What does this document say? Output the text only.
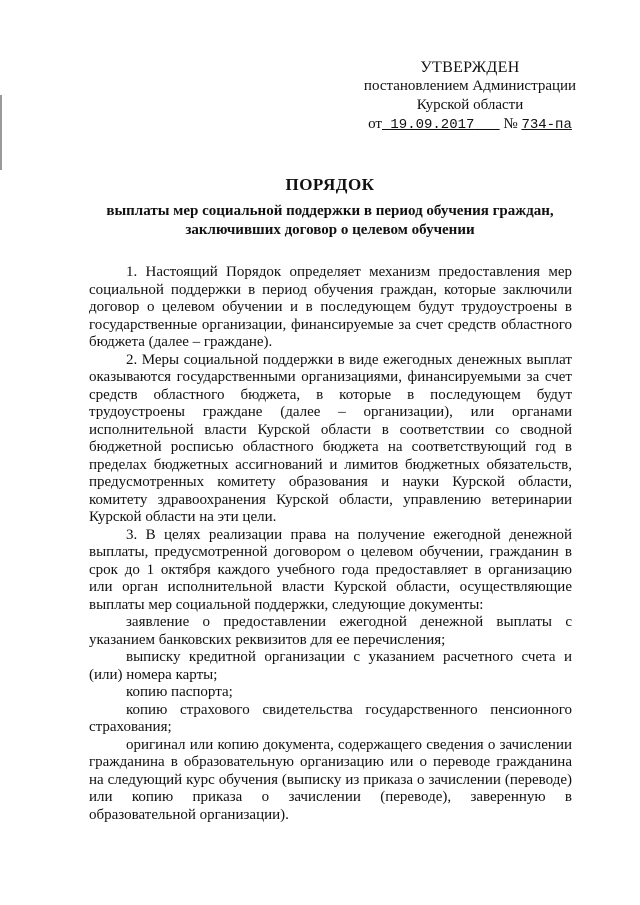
УТВЕРЖДЕН
постановлением Администрации
Курской области
от 19.09.2017 № 734-па
ПОРЯДОК
выплаты мер социальной поддержки в период обучения граждан, заключивших договор о целевом обучении

1. Настоящий Порядок определяет механизм предоставления мер социальной поддержки в период обучения граждан, которые заключили договор о целевом обучении и в последующем будут трудоустроены в государственные организации, финансируемые за счет средств областного бюджета (далее – граждане).

2. Меры социальной поддержки в виде ежегодных денежных выплат оказываются государственными организациями, финансируемыми за счет средств областного бюджета, в которые в последующем будут трудоустроены граждане (далее – организации), или органами исполнительной власти Курской области в соответствии со сводной бюджетной росписью областного бюджета на соответствующий год в пределах бюджетных ассигнований и лимитов бюджетных обязательств, предусмотренных комитету образования и науки Курской области, комитету здравоохранения Курской области, управлению ветеринарии Курской области на эти цели.

3. В целях реализации права на получение ежегодной денежной выплаты, предусмотренной договором о целевом обучении, гражданин в срок до 1 октября каждого учебного года предоставляет в организацию или орган исполнительной власти Курской области, осуществляющие выплаты мер социальной поддержки, следующие документы:

заявление о предоставлении ежегодной денежной выплаты с указанием банковских реквизитов для ее перечисления;

выписку кредитной организации с указанием расчетного счета и (или) номера карты;

копию паспорта;

копию страхового свидетельства государственного пенсионного страхования;

оригинал или копию документа, содержащего сведения о зачислении гражданина в образовательную организацию или о переводе гражданина на следующий курс обучения (выписку из приказа о зачислении (переводе) или копию приказа о зачислении (переводе), заверенную в образовательной организации).
